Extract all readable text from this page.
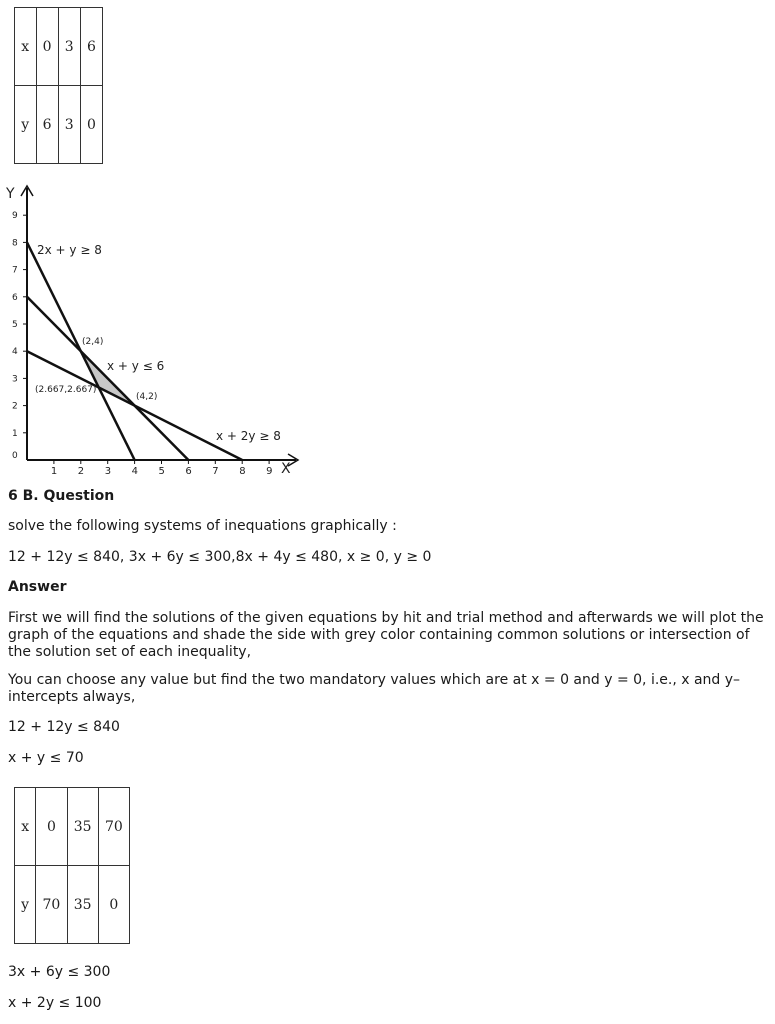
x	0	3	6
y	6	3	0
Y
X
1 2 3 4 5 6 7 8 9
0
1
2
3
4
5
6
7
8
9
2x + y ≥ 8
x + y ≤ 6
x + 2y ≥ 8
(2,4)
(4,2)
(2.667,2.667)
6 B. Question
solve the following systems of inequations graphically :
12 + 12y ≤ 840, 3x + 6y ≤ 300,8x + 4y ≤ 480, x ≥ 0, y ≥ 0
Answer
First we will find the solutions of the given equations by hit and trial method and afterwards we will plot the graph of the equations and shade the side with grey color containing common solutions or intersection of the solution set of each inequality,
You can choose any value but find the two mandatory values which are at x = 0 and y = 0, i.e., x and y–intercepts always,
12 + 12y ≤ 840
x + y ≤ 70
x	0	35	70
y	70	35	0
3x + 6y ≤ 300
x + 2y ≤ 100
